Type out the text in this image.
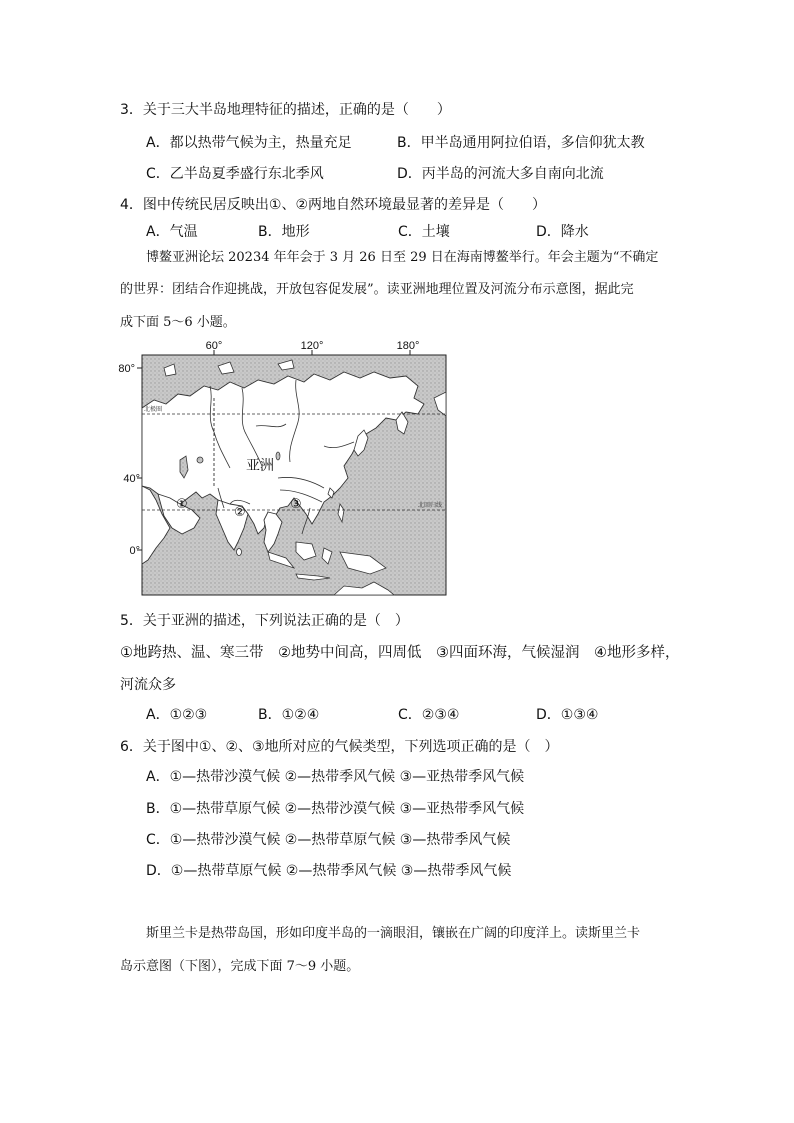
3．关于三大半岛地理特征的描述，正确的是（　　）
A．都以热带气候为主，热量充足	B．甲半岛通用阿拉伯语，多信仰犹太教
C．乙半岛夏季盛行东北季风	D．丙半岛的河流大多自南向北流
4．图中传统民居反映出①、②两地自然环境最显著的差异是（　　）
A．气温	B．地形	C．土壤	D．降水
博鳌亚洲论坛 20234 年年会于 3 月 26 日至 29 日在海南博鳌举行。年会主题为“不确定
的世界：团结合作迎挑战，开放包容促发展”。读亚洲地理位置及河流分布示意图，据此完
成下面 5～6 小题。
60°	120°	180°
80°
40°
0°
北极圈
北回归线
亚洲
①
②
③
5．关于亚洲的描述，下列说法正确的是（　）
①地跨热、温、寒三带　②地势中间高，四周低　③四面环海，气候湿润　④地形多样，
河流众多
A．①②③	B．①②④	C．②③④	D．①③④
6．关于图中①、②、③地所对应的气候类型，下列选项正确的是（　）
A．①—热带沙漠气候 ②—热带季风气候 ③—亚热带季风气候
B．①—热带草原气候 ②—热带沙漠气候 ③—亚热带季风气候
C．①—热带沙漠气候 ②—热带草原气候 ③—热带季风气候
D．①—热带草原气候 ②—热带季风气候 ③—热带季风气候
斯里兰卡是热带岛国，形如印度半岛的一滴眼泪，镶嵌在广阔的印度洋上。读斯里兰卡
岛示意图（下图），完成下面 7～9 小题。
